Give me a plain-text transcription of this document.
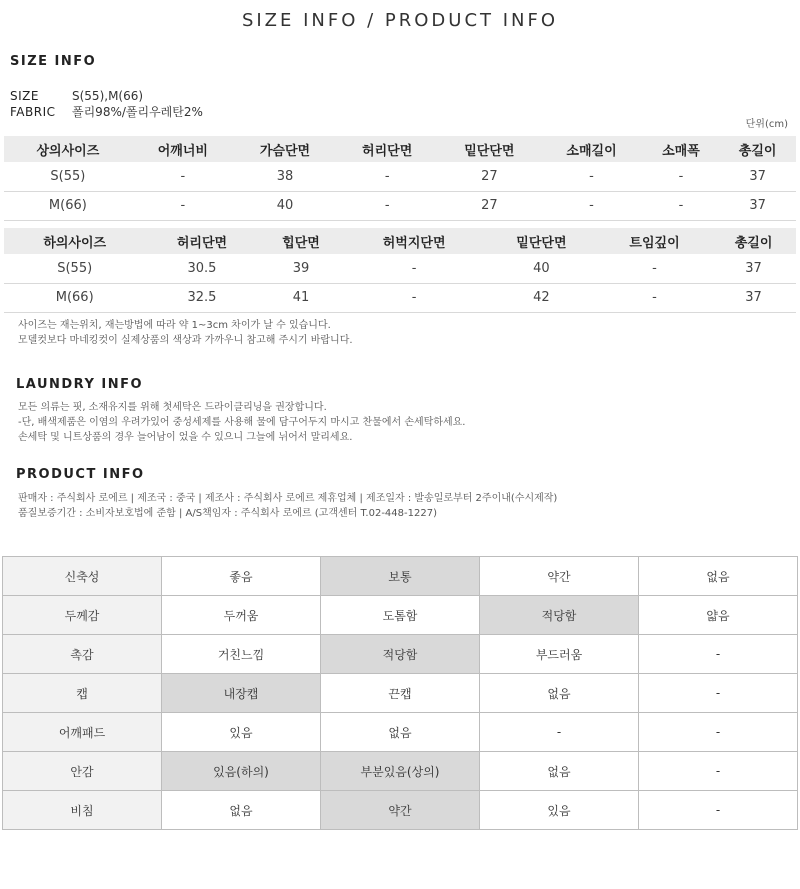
SIZE INFO / PRODUCT INFO
SIZE INFO
SIZE	S(55),M(66)
FABRIC 폴리98%/폴리우레탄2%
단위(cm)
상의사이즈	어깨너비	가슴단면	허리단면	밑단단면	소매길이	소매폭	총길이
S(55)	-	38	-	27	-	-	37
M(66)	-	40	-	27	-	-	37
하의사이즈	허리단면	힙단면	허벅지단면	밑단단면	트임깊이	총길이
S(55)	30.5	39	-	40	-	37
M(66)	32.5	41	-	42	-	37
사이즈는 재는위치, 재는방법에 따라 약 1~3cm 차이가 날 수 있습니다.
모델컷보다 마네킹컷이 실제상품의 색상과 가까우니 참고해 주시기 바랍니다.
LAUNDRY INFO
모든 의류는 핏, 소재유지를 위해 첫세탁은 드라이클리닝을 권장합니다.
-단, 배색제품은 이염의 우려가있어 중성세제를 사용해 물에 담구어두지 마시고 찬물에서 손세탁하세요.
손세탁 및 니트상품의 경우 늘어남이 었을 수 있으니 그늘에 뉘어서 말리세요.
PRODUCT INFO
판매자 : 주식회사 로에르 | 제조국 : 중국 | 제조사 : 주식회사 로에르 제휴업체 | 제조일자 : 발송일로부터 2주이내(수시제작)
품질보증기간 : 소비자보호법에 준함 | A/S책임자 : 주식회사 로에르 (고객센터 T.02-448-1227)
신축성	좋음	보통	약간	없음
두께감	두꺼움	도톰함	적당함	얇음
촉감	거친느낌	적당함	부드러움	-
캡	내장캡	끈캡	없음	-
어깨패드	있음	없음	-	-
안감	있음(하의)	부분있음(상의)	없음	-
비침	없음	약간	있음	-
